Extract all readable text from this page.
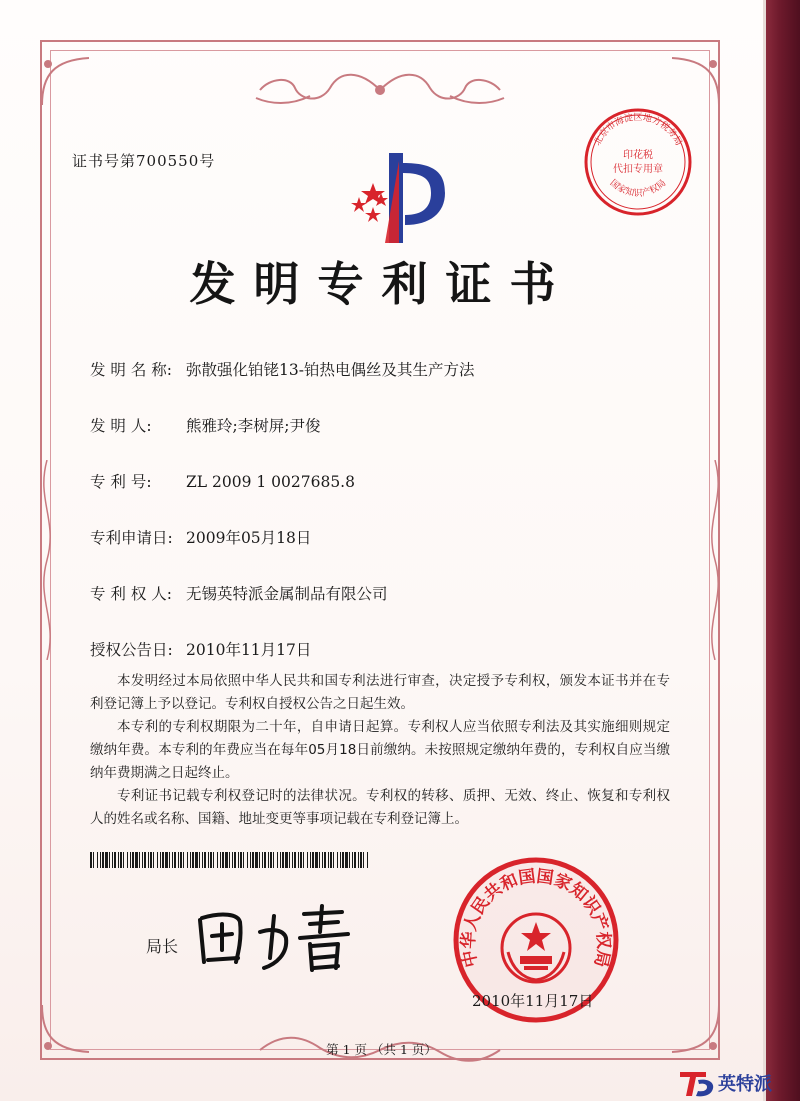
证书号第700550号
北京市海淀区地方税务局
印花税
代扣专用章
国家知识产权局
发明专利证书
发 明 名 称: 弥散强化铂铑13-铂热电偶丝及其生产方法
发 明 人: 熊雅玲;李树屏;尹俊
专 利 号: ZL 2009 1 0027685.8
专利申请日: 2009年05月18日
专 利 权 人: 无锡英特派金属制品有限公司
授权公告日: 2010年11月17日

本发明经过本局依照中华人民共和国专利法进行审查，决定授予专利权，颁发本证书并在专利登记簿上予以登记。专利权自授权公告之日起生效。

本专利的专利权期限为二十年，自申请日起算。专利权人应当依照专利法及其实施细则规定缴纳年费。本专利的年费应当在每年05月18日前缴纳。未按照规定缴纳年费的，专利权自应当缴纳年费期满之日起终止。

专利证书记载专利权登记时的法律状况。专利权的转移、质押、无效、终止、恢复和专利权人的姓名或名称、国籍、地址变更等事项记载在专利登记簿上。

局长
中华人民共和国国家知识产权局
2010年11月17日
第 1 页 （共 1 页）
英特派
